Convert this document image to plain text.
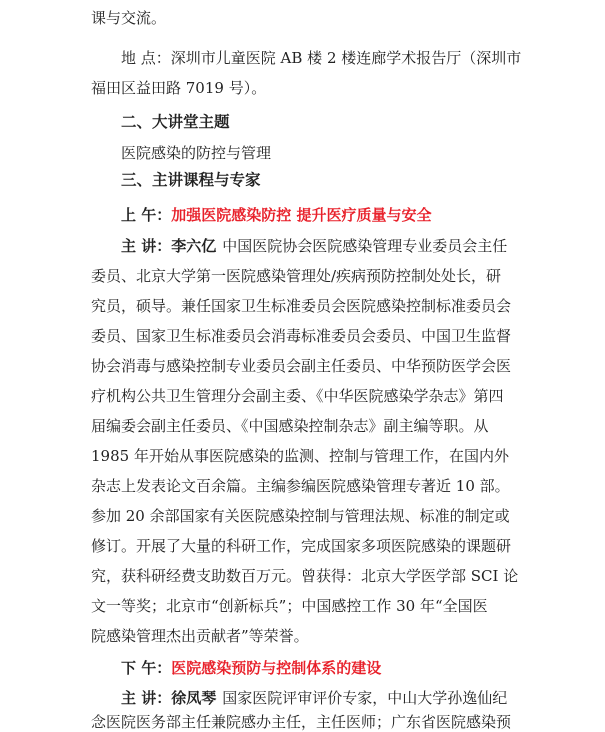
课与交流。
地 点：深圳市儿童医院 AB 楼 2 楼连廊学术报告厅（深圳市
福田区益田路 7019 号）。
二、大讲堂主题
医院感染的防控与管理
三、主讲课程与专家
上 午：加强医院感染防控 提升医疗质量与安全
主 讲：李六亿 中国医院协会医院感染管理专业委员会主任
委员、北京大学第一医院感染管理处/疾病预防控制处处长，研
究员，硕导。兼任国家卫生标准委员会医院感染控制标准委员会
委员、国家卫生标准委员会消毒标准委员会委员、中国卫生监督
协会消毒与感染控制专业委员会副主任委员、中华预防医学会医
疗机构公共卫生管理分会副主委、《中华医院感染学杂志》第四
届编委会副主任委员、《中国感染控制杂志》副主编等职。从
1985 年开始从事医院感染的监测、控制与管理工作，在国内外
杂志上发表论文百余篇。主编参编医院感染管理专著近 10 部。
参加 20 余部国家有关医院感染控制与管理法规、标准的制定或
修订。开展了大量的科研工作，完成国家多项医院感染的课题研
究，获科研经费支助数百万元。曾获得：北京大学医学部 SCI 论
文一等奖；北京市“创新标兵”；中国感控工作 30 年“全国医
院感染管理杰出贡献者”等荣誉。
下 午：医院感染预防与控制体系的建设
主 讲：徐凤琴 国家医院评审评价专家，中山大学孙逸仙纪
念医院医务部主任兼院感办主任，主任医师；广东省医院感染预
